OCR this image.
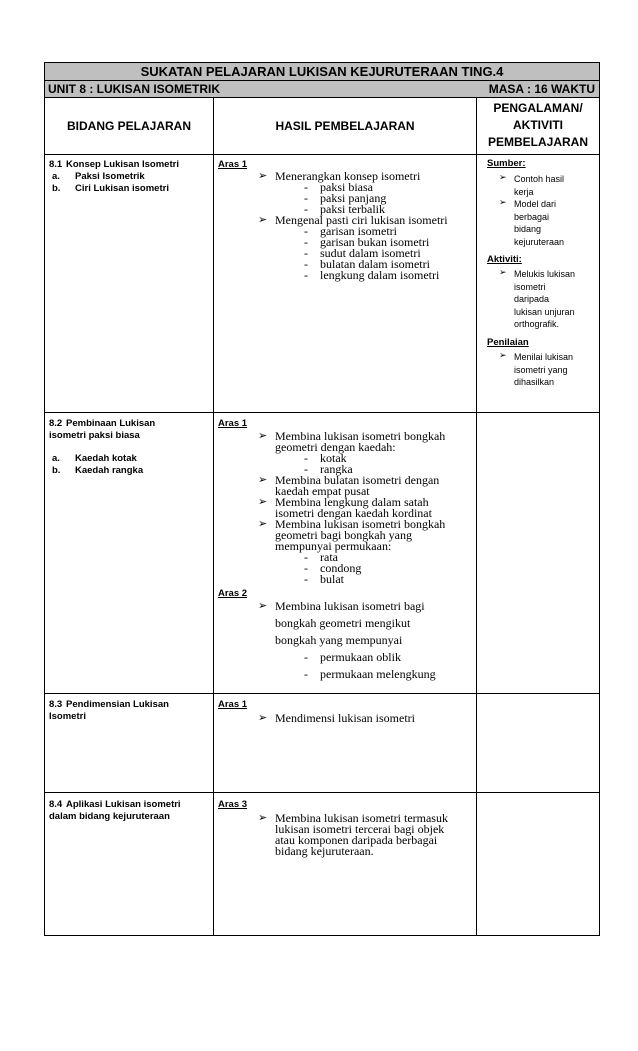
SUKATAN PELAJARAN LUKISAN KEJURUTERAAN TING.4
UNIT 8 : LUKISAN ISOMETRIK	MASA : 16 WAKTU
BIDANG PELAJARAN	HASIL PEMBELAJARAN
PENGALAMAN/
AKTIVITI
PEMBELAJARAN
8.1 Konsep Lukisan Isometri
a. Paksi Isometrik
b. Ciri Lukisan isometri
Aras 1
➢ Menerangkan konsep isometri
- paksi biasa
- paksi panjang
- paksi terbalik
➢ Mengenal pasti ciri lukisan isometri
- garisan isometri
- garisan bukan isometri
- sudut dalam isometri
- bulatan dalam isometri
- lengkung dalam isometri
Sumber:
➢ Contoh hasil
kerja
➢ Model dari
berbagai
bidang
kejuruteraan
Aktiviti:
➢ Melukis lukisan
isometri
daripada
lukisan unjuran
orthografik.
Penilaian
➢ Menilai lukisan
isometri yang
dihasilkan
8.2 Pembinaan Lukisan
isometri paksi biasa
a. Kaedah kotak
b. Kaedah rangka
Aras 1
➢ Membina lukisan isometri bongkah
geometri dengan kaedah:
- kotak
- rangka
➢ Membina bulatan isometri dengan
kaedah empat pusat
➢ Membina lengkung dalam satah
isometri dengan kaedah kordinat
➢ Membina lukisan isometri bongkah
geometri bagi bongkah yang
mempunyai permukaan:
- rata
- condong
- bulat
Aras 2
➢ Membina lukisan isometri bagi
bongkah geometri mengikut
bongkah yang mempunyai
- permukaan oblik
- permukaan melengkung
8.3 Pendimensian Lukisan
Isometri
Aras 1
➢ Mendimensi lukisan isometri
8.4 Aplikasi Lukisan isometri
dalam bidang kejuruteraan
Aras 3
➢ Membina lukisan isometri termasuk
lukisan isometri tercerai bagi objek
atau komponen daripada berbagai
bidang kejuruteraan.
